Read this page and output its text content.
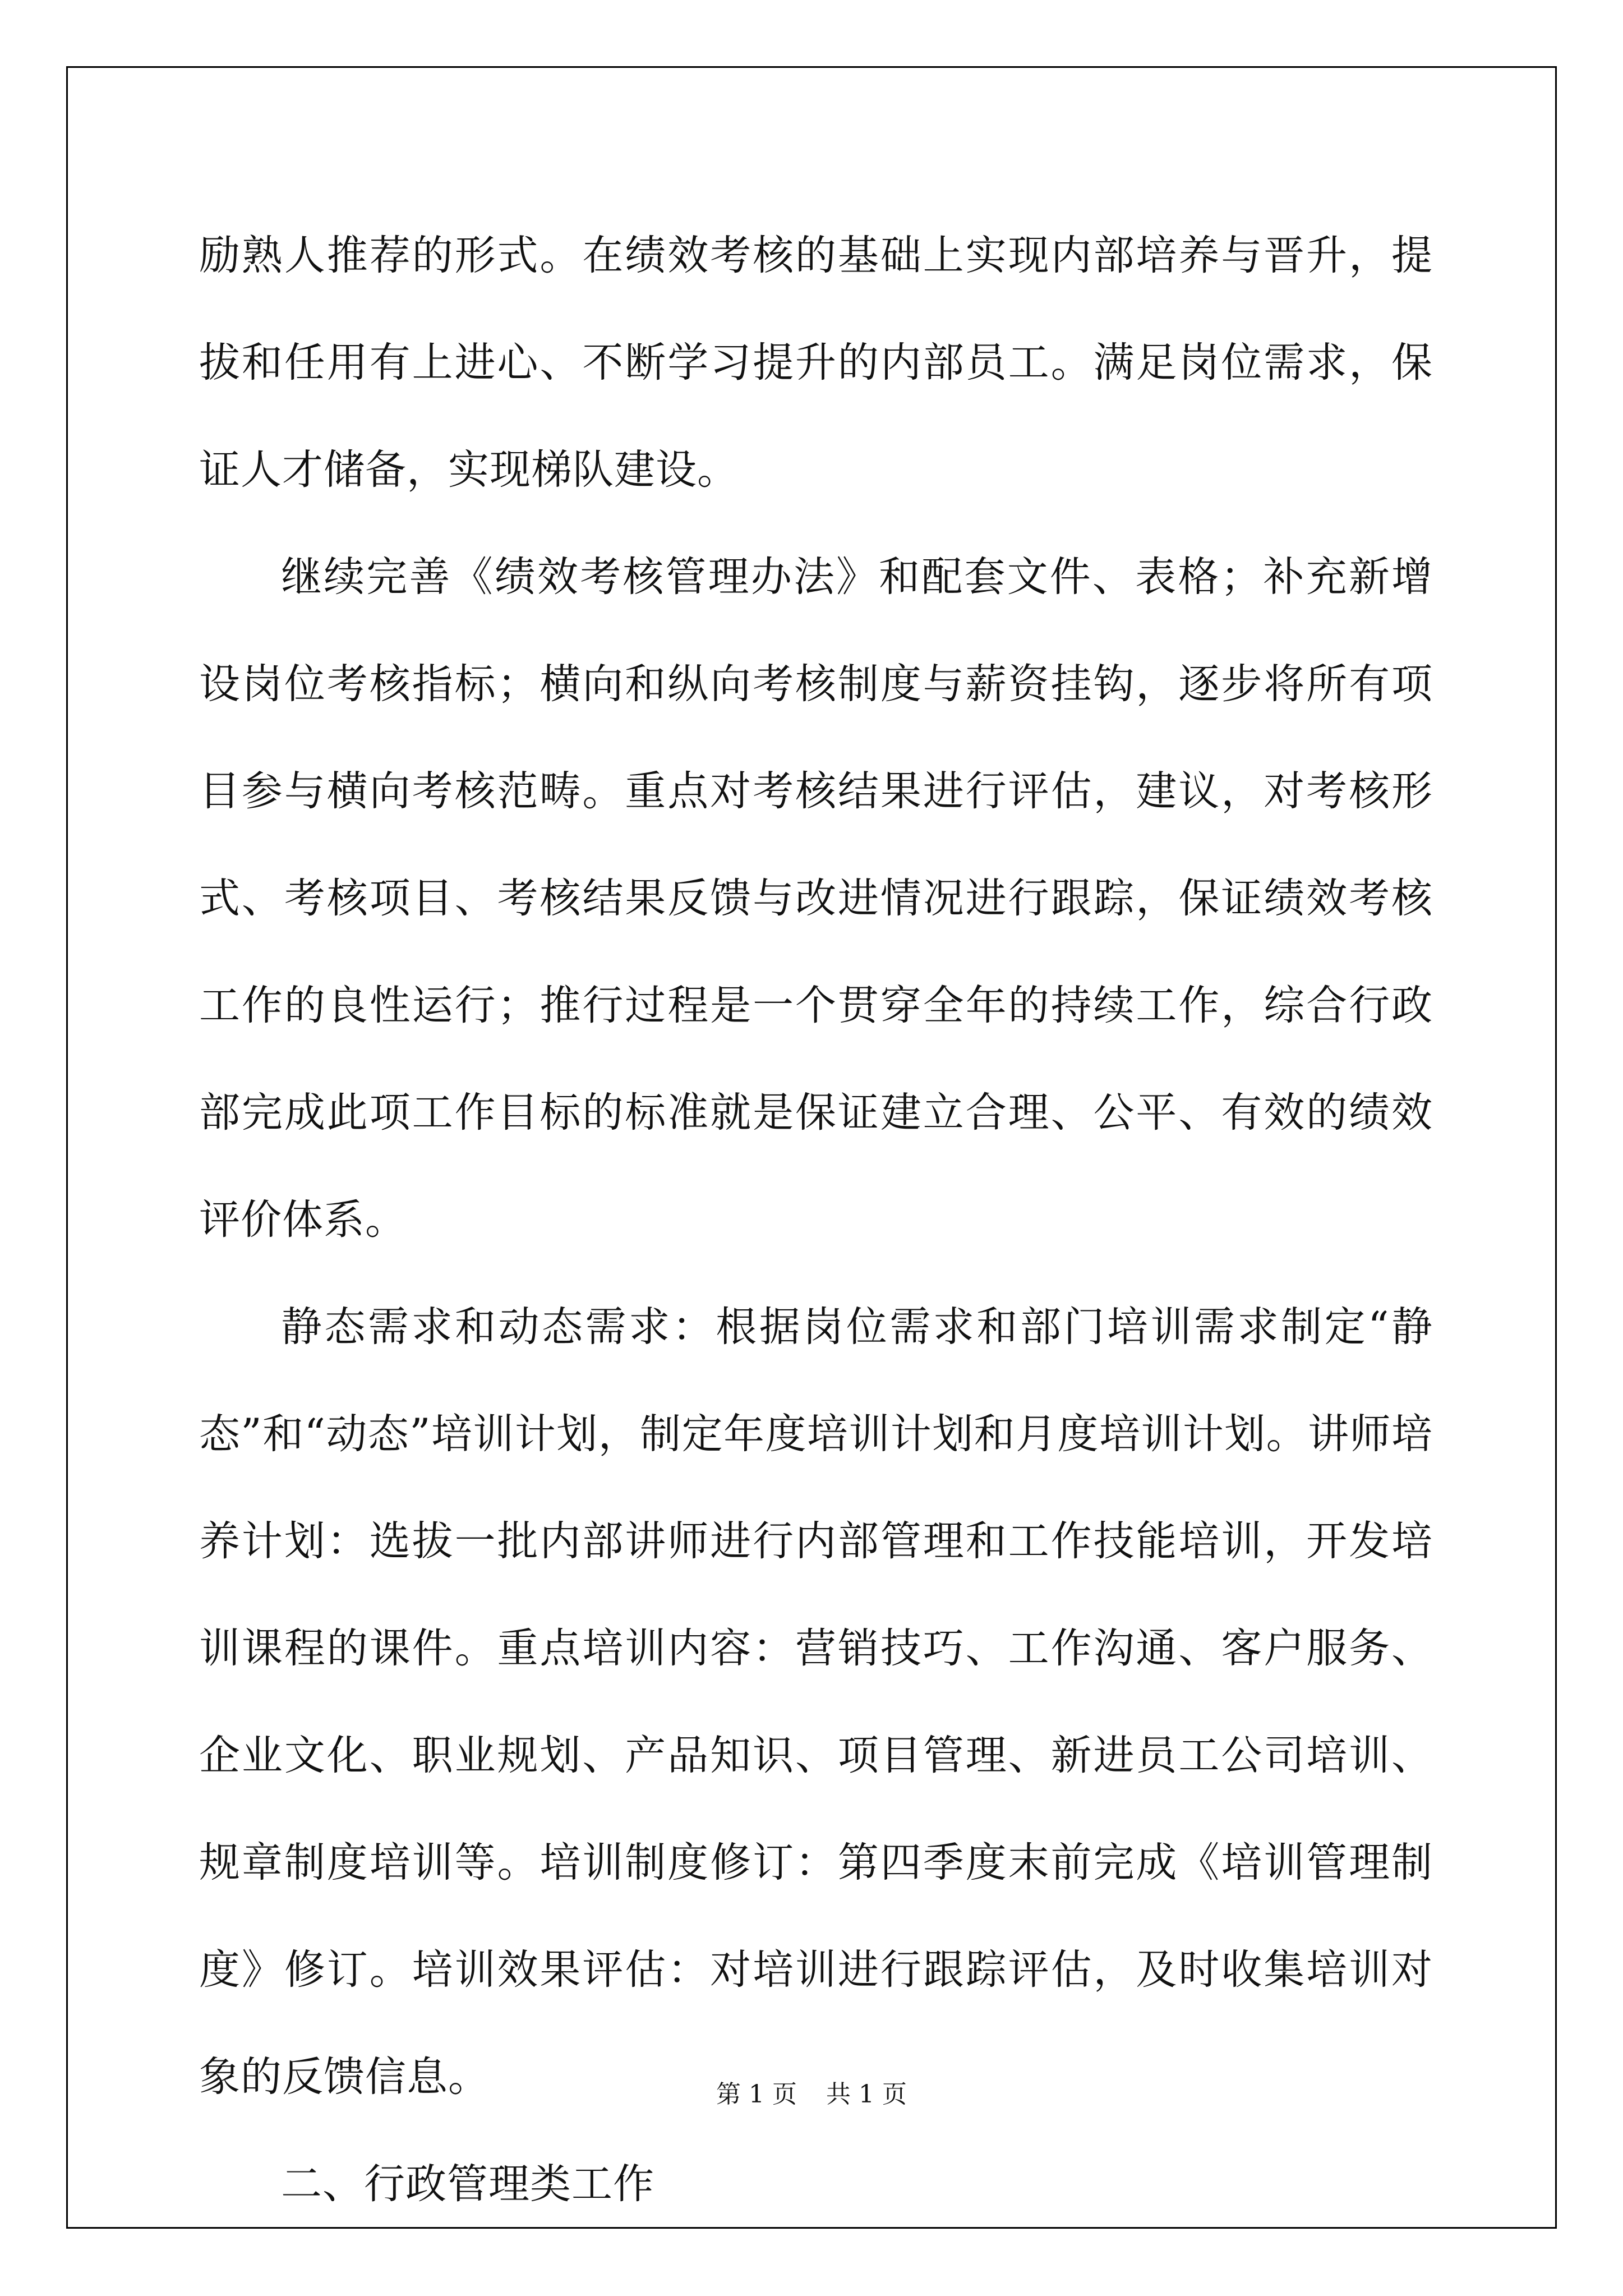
励熟人推荐的形式。在绩效考核的基础上实现内部培养与晋升，提拔和任用有上进心、不断学习提升的内部员工。满足岗位需求，保证人才储备，实现梯队建设。

继续完善《绩效考核管理办法》和配套文件、表格；补充新增设岗位考核指标；横向和纵向考核制度与薪资挂钩，逐步将所有项目参与横向考核范畴。重点对考核结果进行评估，建议，对考核形式、考核项目、考核结果反馈与改进情况进行跟踪，保证绩效考核工作的良性运行；推行过程是一个贯穿全年的持续工作，综合行政部完成此项工作目标的标准就是保证建立合理、公平、有效的绩效评价体系。

静态需求和动态需求：根据岗位需求和部门培训需求制定“静态”和“动态”培训计划，制定年度培训计划和月度培训计划。讲师培养计划：选拔一批内部讲师进行内部管理和工作技能培训，开发培训课程的课件。重点培训内容：营销技巧、工作沟通、客户服务、企业文化、职业规划、产品知识、项目管理、新进员工公司培训、规章制度培训等。培训制度修订：第四季度末前完成《培训管理制度》修订。培训效果评估：对培训进行跟踪评估，及时收集培训对象的反馈信息。

二、行政管理类工作

第 1 页 共 1 页
